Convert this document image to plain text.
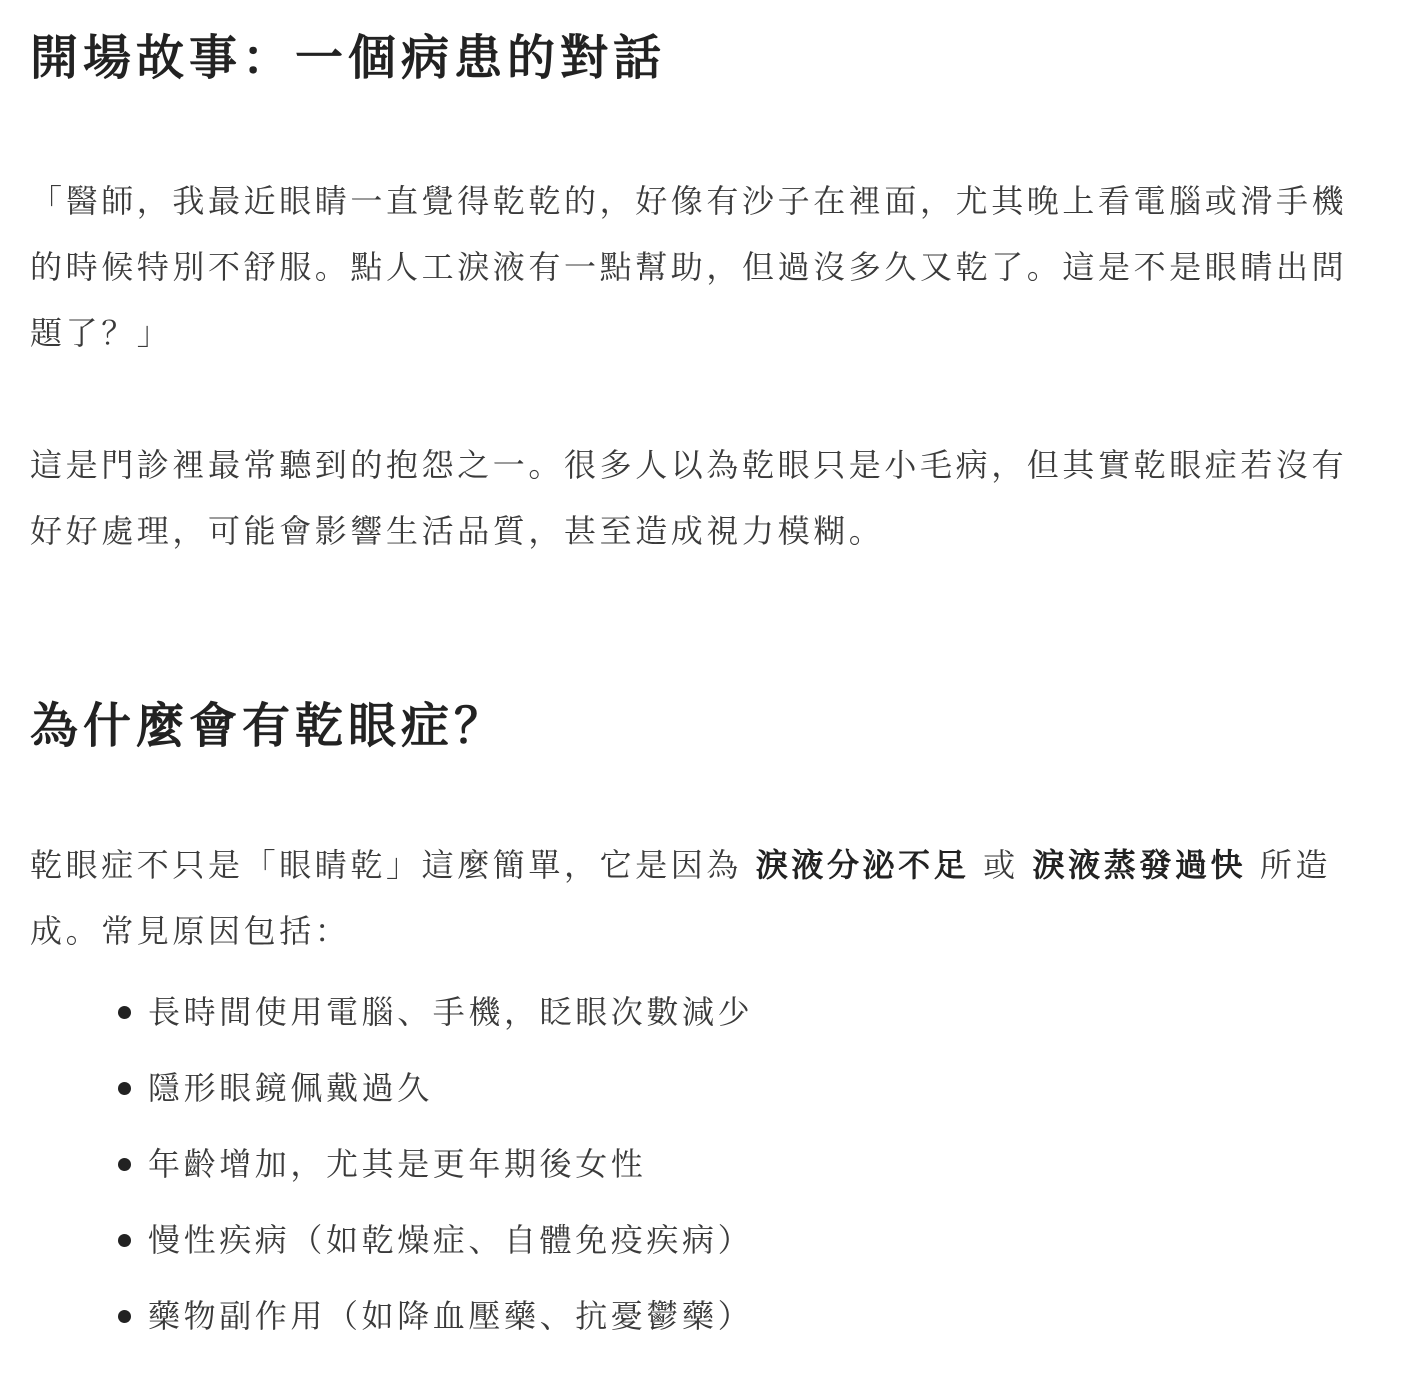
開場故事：一個病患的對話

「醫師，我最近眼睛一直覺得乾乾的，好像有沙子在裡面，尤其晚上看電腦或滑手機的時候特別不舒服。點人工淚液有一點幫助，但過沒多久又乾了。這是不是眼睛出問題了？」

這是門診裡最常聽到的抱怨之一。很多人以為乾眼只是小毛病，但其實乾眼症若沒有好好處理，可能會影響生活品質，甚至造成視力模糊。

為什麼會有乾眼症？

乾眼症不只是「眼睛乾」這麼簡單，它是因為 淚液分泌不足 或 淚液蒸發過快 所造成。常見原因包括：

長時間使用電腦、手機，眨眼次數減少
隱形眼鏡佩戴過久
年齡增加，尤其是更年期後女性
慢性疾病（如乾燥症、自體免疫疾病）
藥物副作用（如降血壓藥、抗憂鬱藥）
